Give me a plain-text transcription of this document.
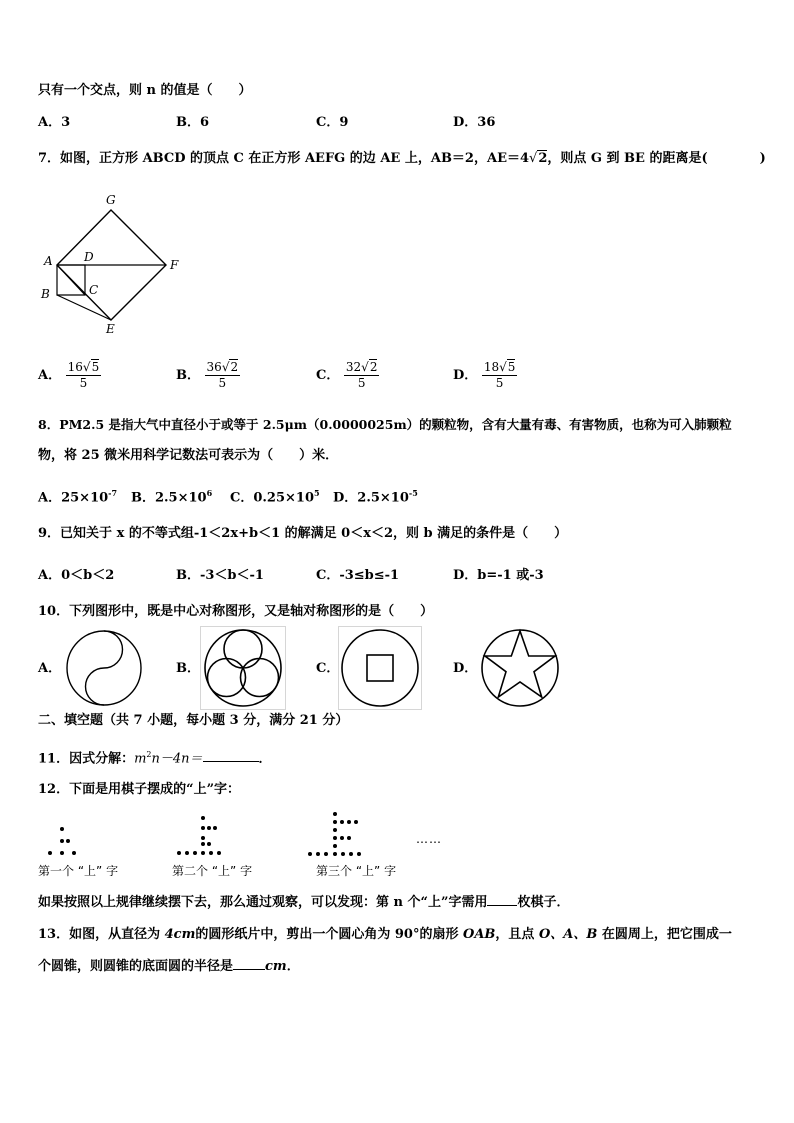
只有一个交点，则 n 的值是（　　）
A．3	B．6	C．9	D．36
7．如图，正方形 ABCD 的顶点 C 在正方形 AEFG 的边 AE 上，AB＝2，AE＝4√2，则点 G 到 BE 的距离是(　　　　)
G
A	D
F
B	C
E
A． $\frac{16√5}{5}$	B． $\frac{36√2}{5}$	C． $\frac{32√2}{5}$	D． $\frac{18√5}{5}$
8．PM2.5 是指大气中直径小于或等于 2.5μm（0.0000025m）的颗粒物，含有大量有毒、有害物质，也称为可入肺颗粒
物，将 25 微米用科学记数法可表示为（　　）米．
A．$25\times 10^{-7}$ B．$2.5\times 10^6$ C．$0.25\times 10^5$ D．$2.5\times 10^{-5}$
9．已知关于 x 的不等式组-1＜2x+b＜1 的解满足 0＜x＜2，则 b 满足的条件是（　　）
A．0＜b＜2	B．-3＜b＜-1	C．-3≤b≤-1	D．b=-1 或-3
10．下列图形中，既是中心对称图形，又是轴对称图形的是（　　）
A．	B．	C．	D．
二、填空题（共 7 小题，每小题 3 分，满分 21 分）
11．因式分解：$m^2n-4n=$	．
12．下面是用棋子摆成的“上”字：
第一个 “上” 字	第二个 “上” 字	第三个 “上” 字
……
如果按照以上规律继续摆下去，那么通过观察，可以发现：第 n 个“上”字需用 枚棋子．
13．如图，从直径为 4cm的圆形纸片中，剪出一个圆心角为 90°的扇形 OAB，且点 O、A、B 在圆周上，把它围成一
个圆锥，则圆锥的底面圆的半径是 cm．
